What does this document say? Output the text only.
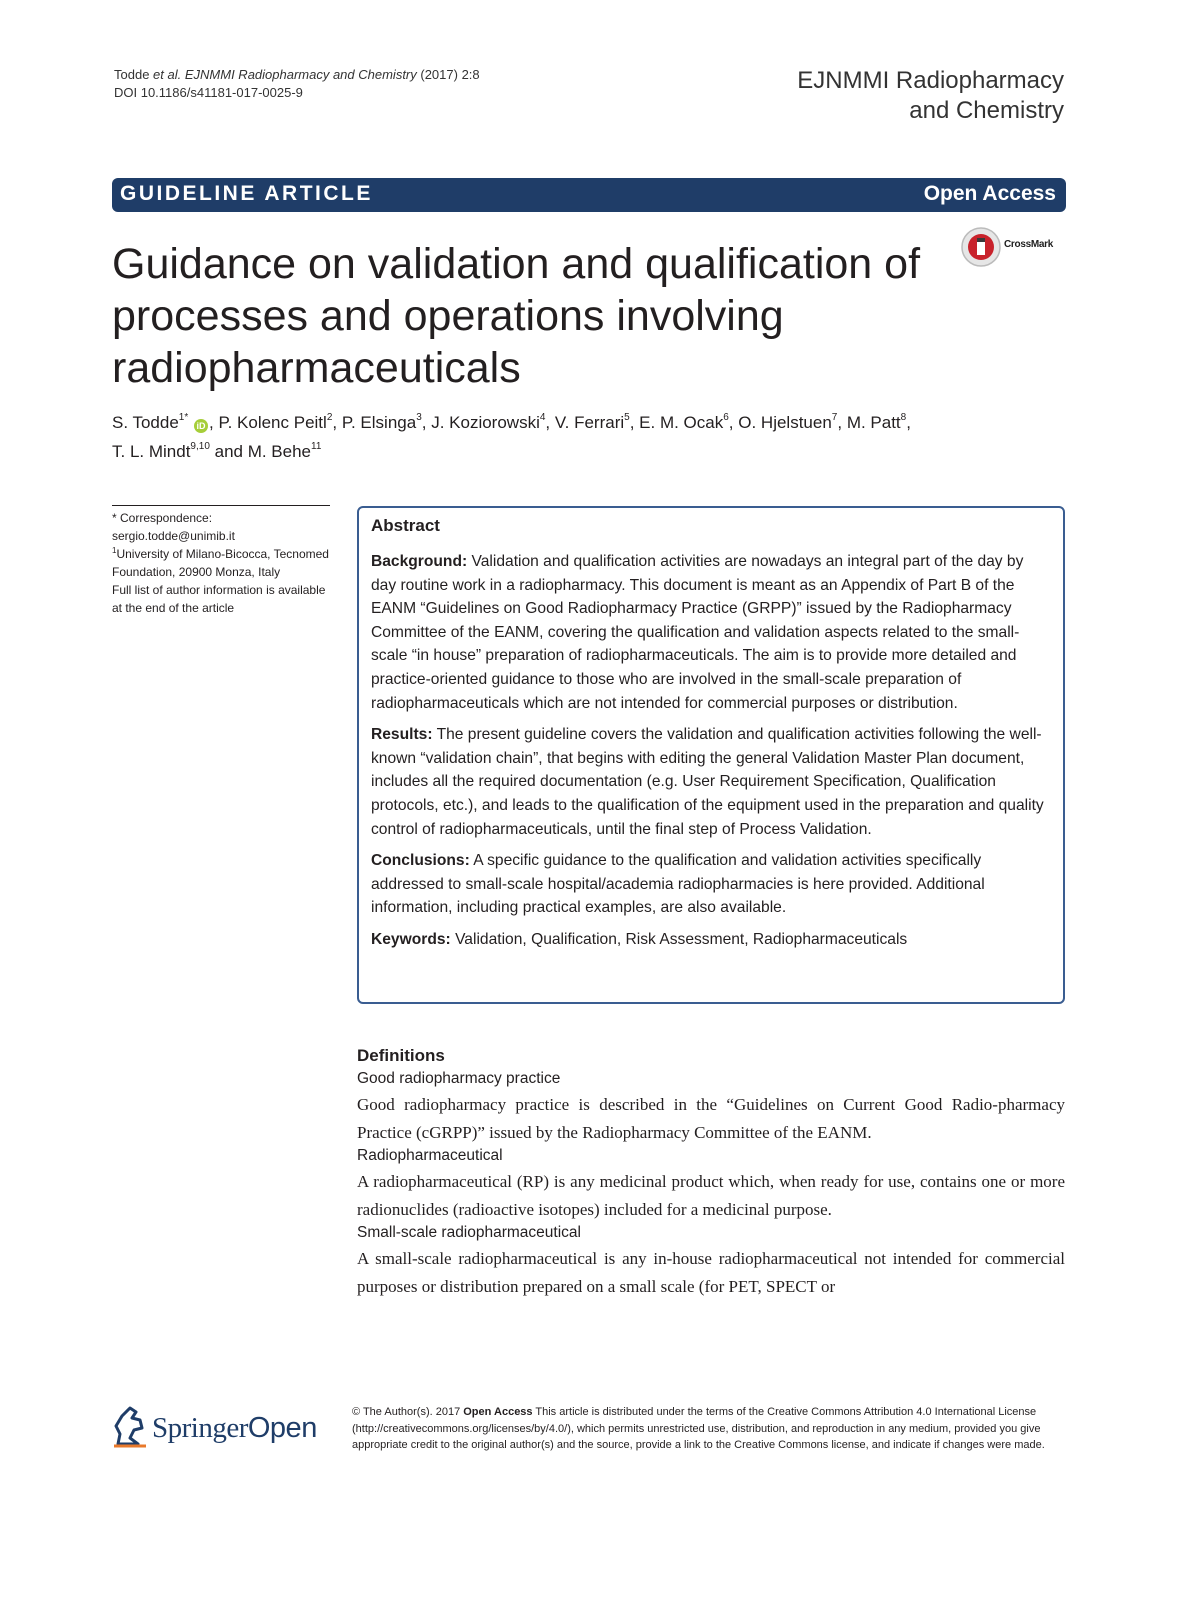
Todde et al. EJNMMI Radiopharmacy and Chemistry (2017) 2:8
DOI 10.1186/s41181-017-0025-9	EJNMMI Radiopharmacy
and Chemistry
GUIDELINE ARTICLE	Open Access
Guidance on validation and qualification of processes and operations involving radiopharmaceuticals
CrossMark
S. Todde$^{1*}$ iD , P. Kolenc Peitl$^2$, P. Elsinga$^3$, J. Koziorowski$^4$, V. Ferrari$^5$, E. M. Ocak$^6$, O. Hjelstuen$^7$, M. Patt$^8$,
T. L. Mindt$^{9,10}$ and M. Behe$^{11}$
* Correspondence:
sergio.todde@unimib.it
$^1$University of Milano-Bicocca, Tecnomed Foundation, 20900 Monza, Italy
Full list of author information is available at the end of the article
Abstract

Background: Validation and qualification activities are nowadays an integral part of the day by day routine work in a radiopharmacy. This document is meant as an Appendix of Part B of the EANM “Guidelines on Good Radiopharmacy Practice (GRPP)” issued by the Radiopharmacy Committee of the EANM, covering the qualification and validation aspects related to the small-scale “in house” preparation of radiopharmaceuticals. The aim is to provide more detailed and practice-oriented guidance to those who are involved in the small-scale preparation of radiopharmaceuticals which are not intended for commercial purposes or distribution.

Results: The present guideline covers the validation and qualification activities following the well-known “validation chain”, that begins with editing the general Validation Master Plan document, includes all the required documentation (e.g. User Requirement Specification, Qualification protocols, etc.), and leads to the qualification of the equipment used in the preparation and quality control of radiopharmaceuticals, until the final step of Process Validation.

Conclusions: A specific guidance to the qualification and validation activities specifically addressed to small-scale hospital/academia radiopharmacies is here provided. Additional information, including practical examples, are also available.

Keywords: Validation, Qualification, Risk Assessment, Radiopharmaceuticals

Definitions
Good radiopharmacy practice

Good radiopharmacy practice is described in the “Guidelines on Current Good Radio-pharmacy Practice (cGRPP)” issued by the Radiopharmacy Committee of the EANM.

Radiopharmaceutical

A radiopharmaceutical (RP) is any medicinal product which, when ready for use, contains one or more radionuclides (radioactive isotopes) included for a medicinal purpose.

Small-scale radiopharmaceutical

A small-scale radiopharmaceutical is any in-house radiopharmaceutical not intended for commercial purposes or distribution prepared on a small scale (for PET, SPECT or

SpringerOpen	© The Author(s). 2017 Open Access This article is distributed under the terms of the Creative Commons Attribution 4.0 International License (http://creativecommons.org/licenses/by/4.0/), which permits unrestricted use, distribution, and reproduction in any medium, provided you give appropriate credit to the original author(s) and the source, provide a link to the Creative Commons license, and indicate if changes were made.
